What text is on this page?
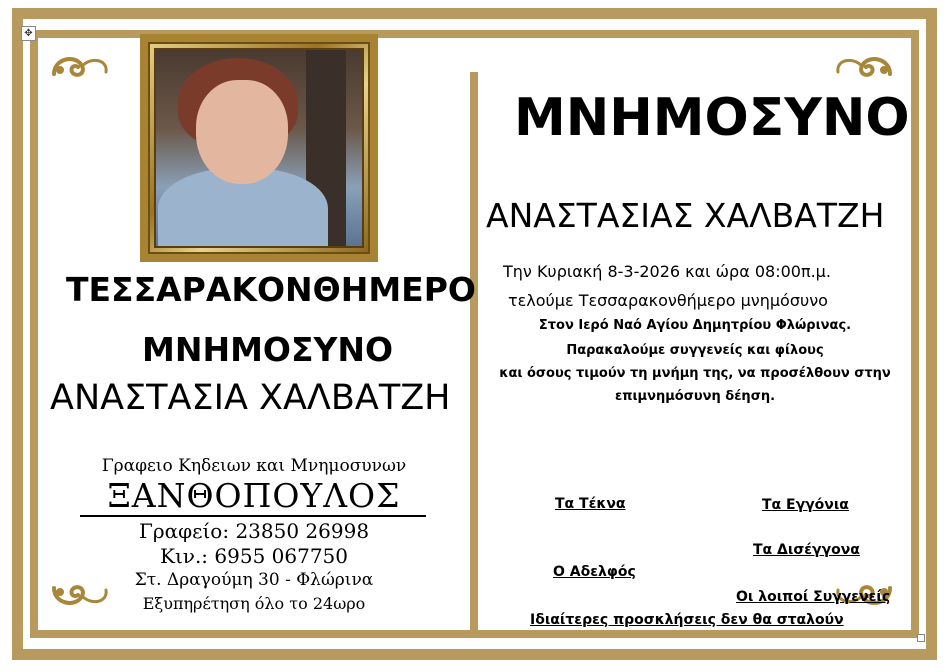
✥

ΤΕΣΣΑΡΑΚΟΝΘΗΜΕΡΟ

ΜΝΗΜΟΣΥΝΟ

ΑΝΑΣΤΑΣΙΑ ΧΑΛΒΑΤΖΗ

Γραφειο Κηδειων και Μνημοσυνων

ΞΑΝΘΟΠΟΥΛΟΣ

Γραφείο: 23850 26998

Κιν.: 6955 067750

Στ. Δραγούμη 30 - Φλώρινα

Εξυπηρέτηση όλο το 24ωρο

ΜΝΗΜΟΣΥΝΟ

ΑΝΑΣΤΑΣΙΑΣ ΧΑΛΒΑΤΖΗ

Την Κυριακή 8-3-2026 και ώρα 08:00π.μ.

τελούμε Τεσσαρακονθήμερο μνημόσυνο

Στον Ιερό Ναό Αγίου Δημητρίου Φλώρινας.

Παρακαλούμε συγγενείς και φίλους

και όσους τιμούν τη μνήμη της, να προσέλθουν στην

επιμνημόσυνη δέηση.

Τα Τέκνα	Τα Εγγόνια

Τα Δισέγγονα

Ο Αδελφός

Οι λοιποί Συγγενείς

Ιδιαίτερες προσκλήσεις δεν θα σταλούν
